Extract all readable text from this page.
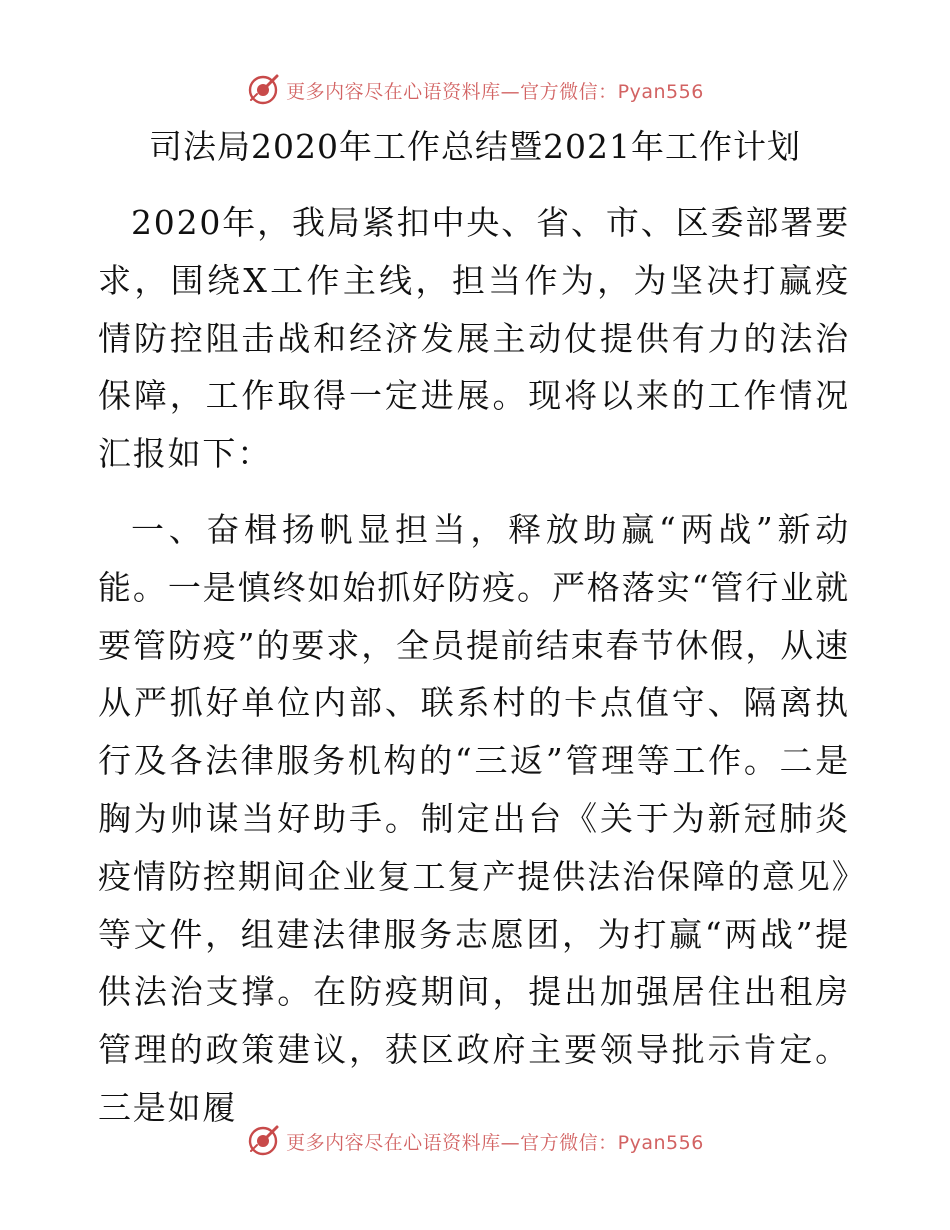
更多内容尽在心语资料库—官方微信：Pyan556
司法局2020年工作总结暨2021年工作计划

2020年，我局紧扣中央、省、市、区委部署要求，围绕X工作主线，担当作为，为坚决打赢疫情防控阻击战和经济发展主动仗提供有力的法治保障，工作取得一定进展。现将以来的工作情况汇报如下：

一、奋楫扬帆显担当，释放助赢“两战”新动能。一是慎终如始抓好防疫。严格落实“管行业就要管防疫”的要求，全员提前结束春节休假，从速从严抓好单位内部、联系村的卡点值守、隔离执行及各法律服务机构的“三返”管理等工作。二是胸为帅谋当好助手。制定出台《关于为新冠肺炎疫情防控期间企业复工复产提供法治保障的意见》等文件，组建法律服务志愿团，为打赢“两战”提供法治支撑。在防疫期间，提出加强居住出租房管理的政策建议，获区政府主要领导批示肯定。三是如履

更多内容尽在心语资料库—官方微信：Pyan556
